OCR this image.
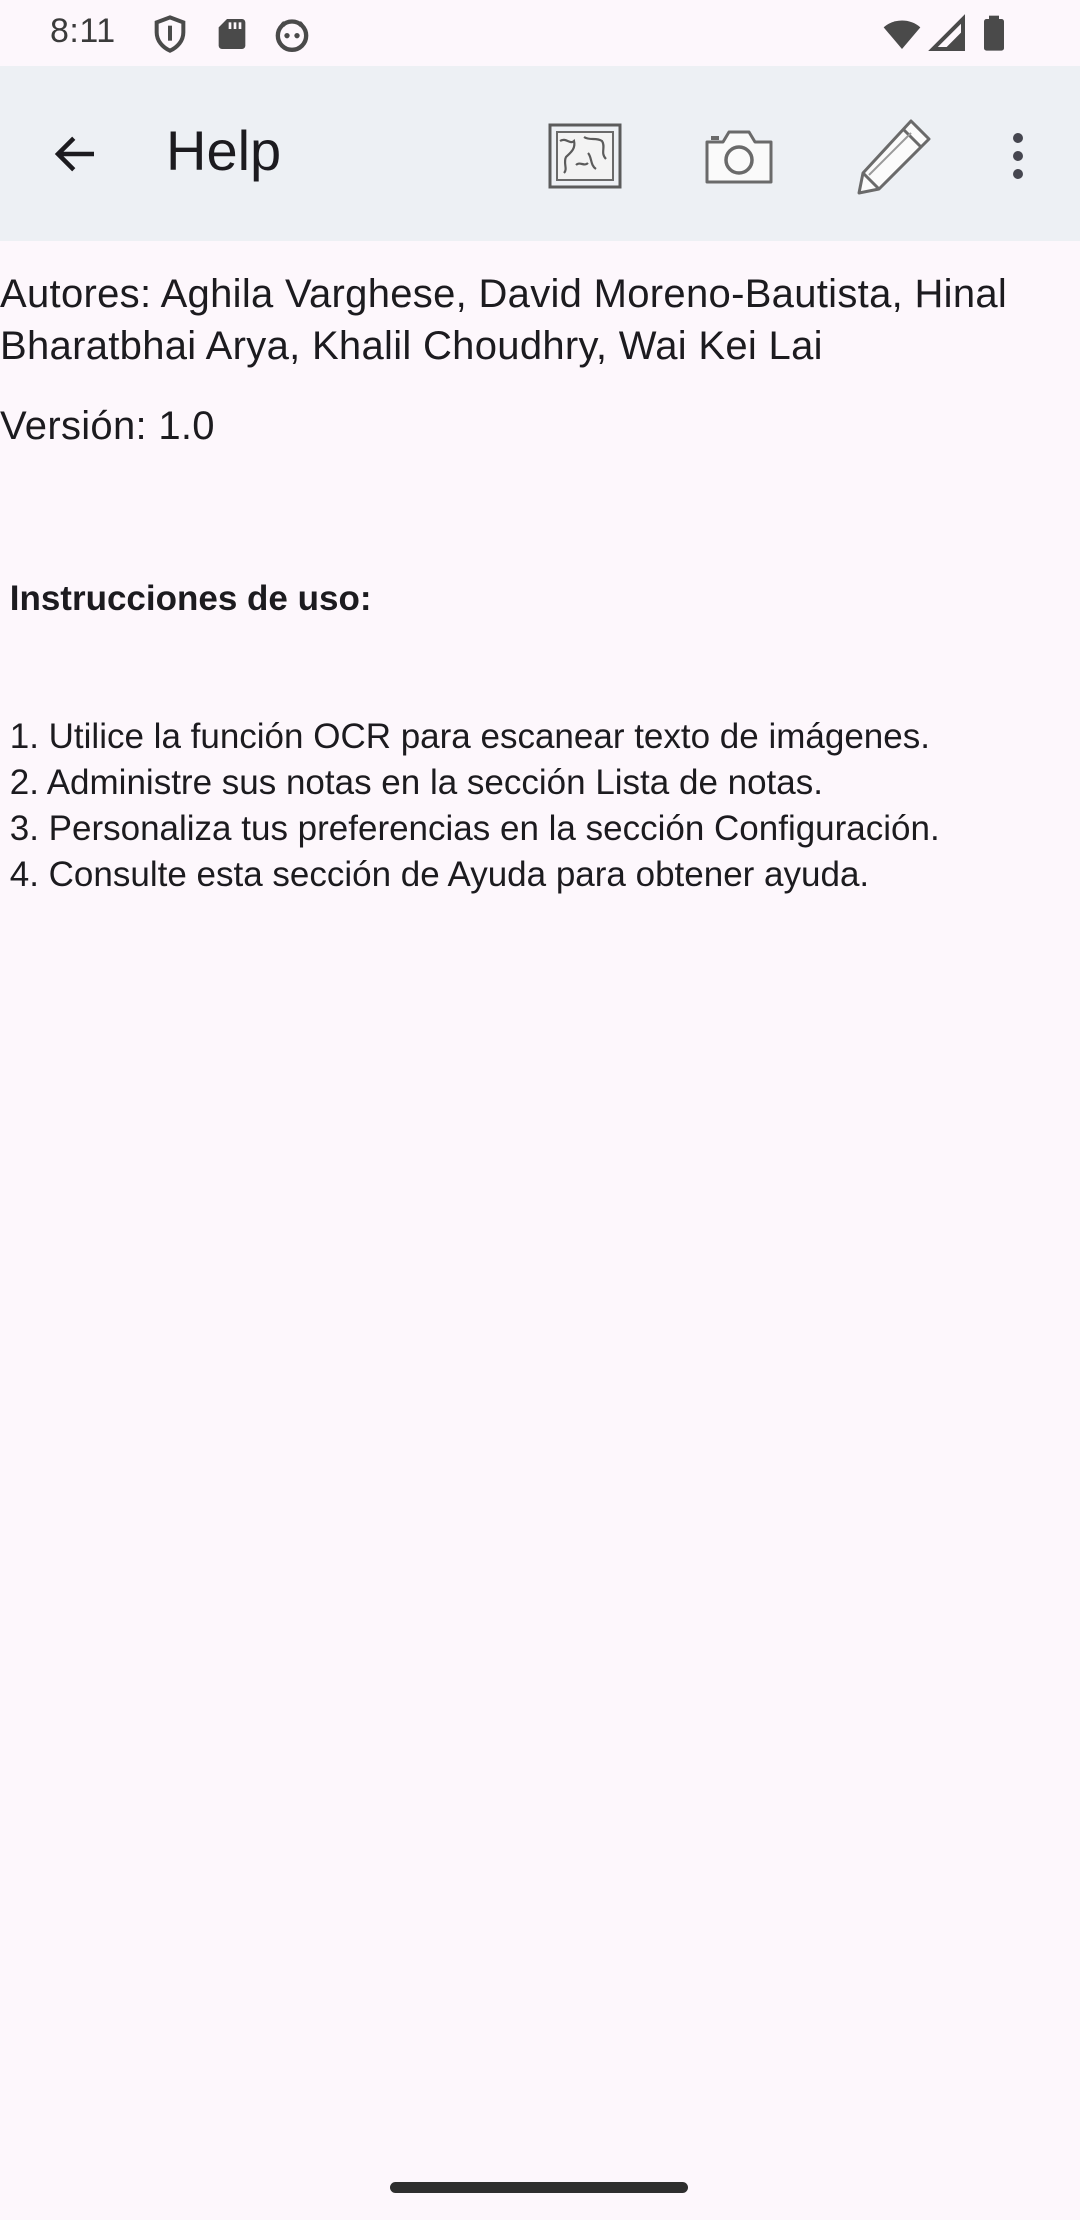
8:11
Help
Autores: Aghila Varghese, David Moreno-Bautista, Hinal Bharatbhai Arya, Khalil Choudhry, Wai Kei Lai
Versión: 1.0

Instrucciones de uso:

1. Utilice la función OCR para escanear texto de imágenes.
2. Administre sus notas en la sección Lista de notas.
3. Personaliza tus preferencias en la sección Configuración.
4. Consulte esta sección de Ayuda para obtener ayuda.
